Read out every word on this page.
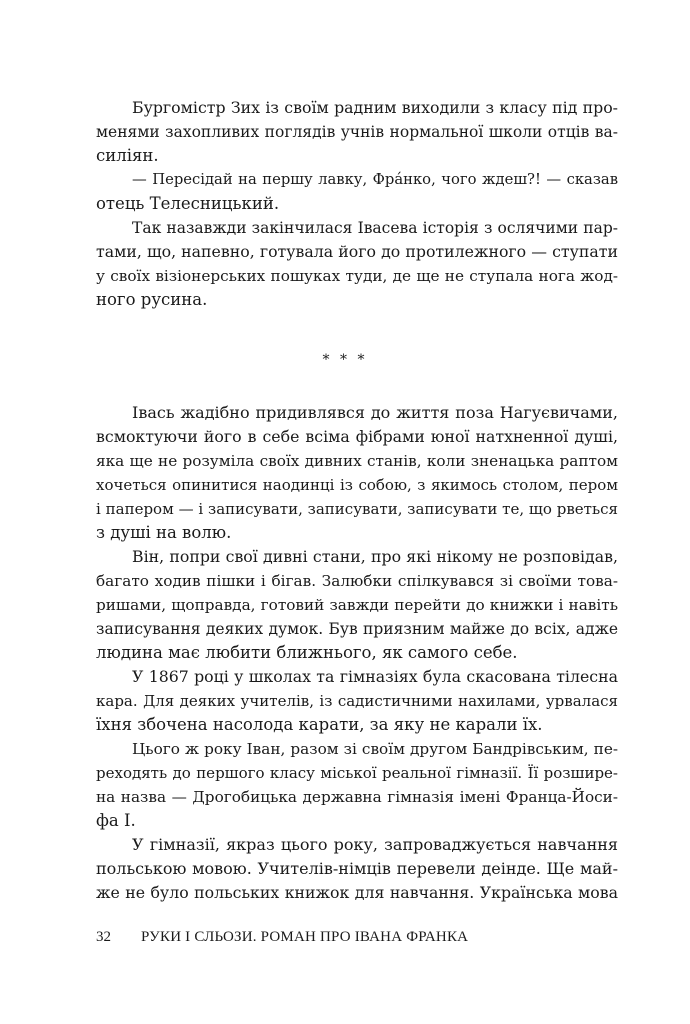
Бургомістр Зих із своїм радним виходили з класу під про-
менями захопливих поглядів учнів нормальної школи отців ва-
силіян.
— Пересідай на першу лавку, Фрáнко, чого ждеш?! — сказав
отець Телесницький.
Так назавжди закінчилася Івасева історія з ослячими пар-
тами, що, напевно, готувала його до протилежного — ступати
у своїх візіонерських пошуках туди, де ще не ступала нога жод-
ного русина.
Івась жадібно придивлявся до життя поза Нагуєвичами,
всмоктуючи його в себе всіма фібрами юної натхненної душі,
яка ще не розуміла своїх дивних станів, коли зненацька раптом
хочеться опинитися наодинці із собою, з якимось столом, пером
і папером — і записувати, записувати, записувати те, що рветься
з душі на волю.
Він, попри свої дивні стани, про які нікому не розповідав,
багато ходив пішки і бігав. Залюбки спілкувався зі своїми това-
ришами, щоправда, готовий завжди перейти до книжки і навіть
записування деяких думок. Був приязним майже до всіх, адже
людина має любити ближнього, як самого себе.
У 1867 році у школах та гімназіях була скасована тілесна
кара. Для деяких учителів, із садистичними нахилами, урвалася
їхня збочена насолода карати, за яку не карали їх.
Цього ж року Іван, разом зі своїм другом Бандрівським, пе-
реходять до першого класу міської реальної гімназії. Її розшире-
на назва — Дрогобицька державна гімназія імені Франца-Йоси-
фа І.
У гімназії, якраз цього року, запроваджується навчання
польською мовою. Учителів-німців перевели деінде. Ще май-
же не було польських книжок для навчання. Українська мова
* * *
32 РУКИ І СЛЬОЗИ. РОМАН ПРО ІВАНА ФРАНКА
